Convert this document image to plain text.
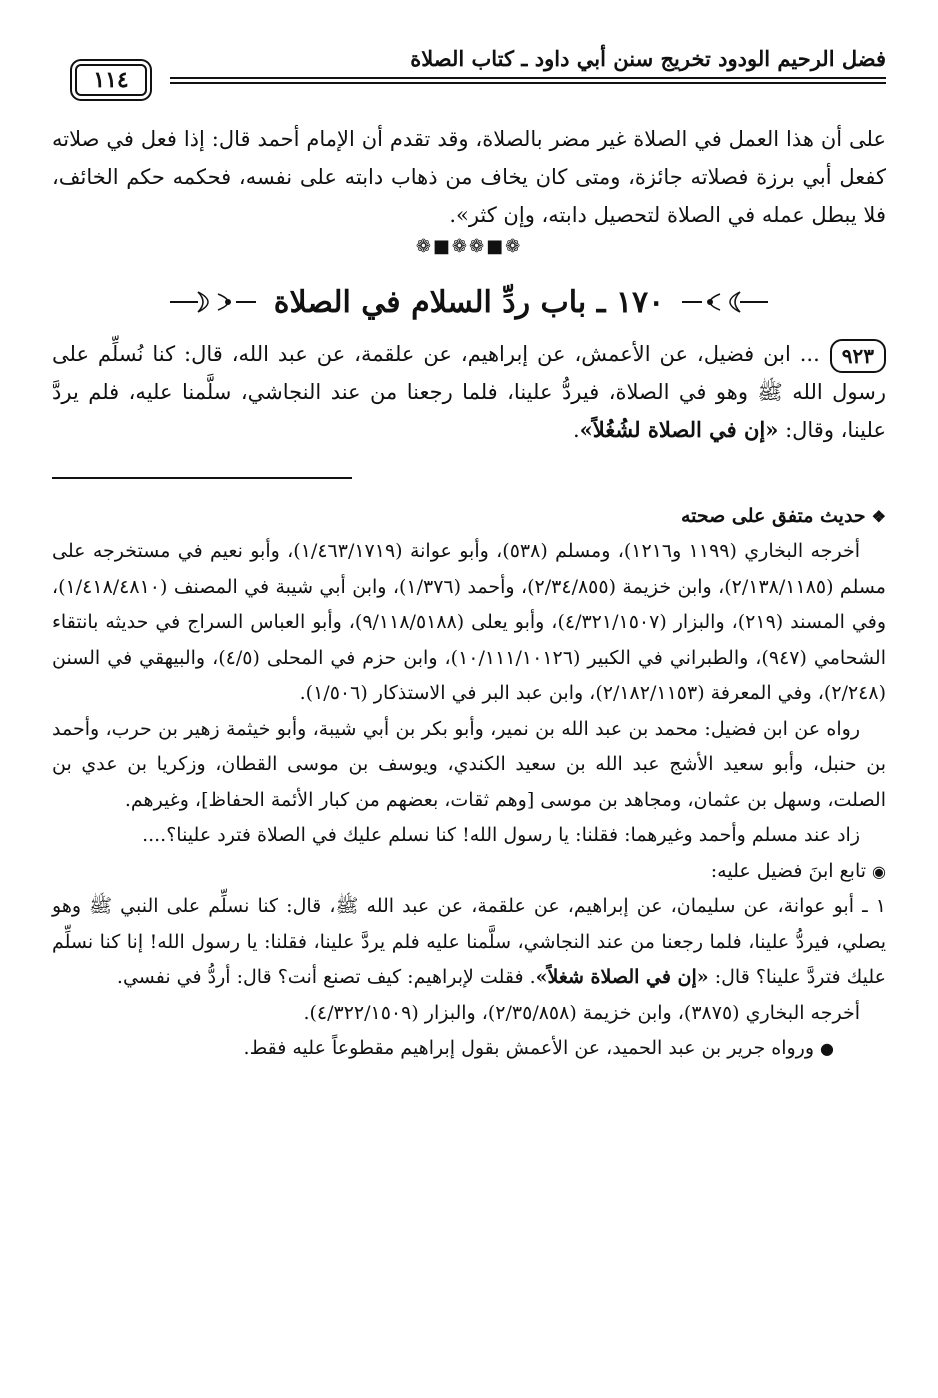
فضل الرحيم الودود تخريج سنن أبي داود ـ كتاب الصلاة
١١٤

على أن هذا العمل في الصلاة غير مضر بالصلاة، وقد تقدم أن الإمام أحمد قال: إذا فعل في صلاته كفعل أبي برزة فصلاته جائزة، ومتى كان يخاف من ذهاب دابته على نفسه، فحكمه حكم الخائف، فلا يبطل عمله في الصلاة لتحصيل دابته، وإن كثر».

❁■❁❁■❁
١٧٠ ـ باب ردِّ السلام في الصلاة

٩٢٣... ابن فضيل، عن الأعمش، عن إبراهيم، عن علقمة، عن عبد الله، قال: كنا نُسلِّم على رسول الله ﷺ وهو في الصلاة، فيردُّ علينا، فلما رجعنا من عند النجاشي، سلَّمنا عليه، فلم يردَّ علينا، وقال: «إن في الصلاة لشُغُلاً».

❖حديث متفق على صحته

أخرجه البخاري (١١٩٩ و١٢١٦)، ومسلم (٥٣٨)، وأبو عوانة (١/٤٦٣/١٧١٩)، وأبو نعيم في مستخرجه على مسلم (٢/١٣٨/١١٨٥)، وابن خزيمة (٢/٣٤/٨٥٥)، وأحمد (١/٣٧٦)، وابن أبي شيبة في المصنف (١/٤١٨/٤٨١٠)، وفي المسند (٢١٩)، والبزار (٤/٣٢١/١٥٠٧)، وأبو يعلى (٩/١١٨/٥١٨٨)، وأبو العباس السراج في حديثه بانتقاء الشحامي (٩٤٧)، والطبراني في الكبير (١٠/١١١/١٠١٢٦)، وابن حزم في المحلى (٤/٥)، والبيهقي في السنن (٢/٢٤٨)، وفي المعرفة (٢/١٨٢/١١٥٣)، وابن عبد البر في الاستذكار (١/٥٠٦).

رواه عن ابن فضيل: محمد بن عبد الله بن نمير، وأبو بكر بن أبي شيبة، وأبو خيثمة زهير بن حرب، وأحمد بن حنبل، وأبو سعيد الأشج عبد الله بن سعيد الكندي، ويوسف بن موسى القطان، وزكريا بن عدي بن الصلت، وسهل بن عثمان، ومجاهد بن موسى [وهم ثقات، بعضهم من كبار الأئمة الحفاظ]، وغيرهم.

زاد عند مسلم وأحمد وغيرهما: فقلنا: يا رسول الله! كنا نسلم عليك في الصلاة فترد علينا؟....

◉تابع ابنَ فضيل عليه:

١ ـ أبو عوانة، عن سليمان، عن إبراهيم، عن علقمة، عن عبد الله ﷺ، قال: كنا نسلِّم على النبي ﷺ وهو يصلي، فيردُّ علينا، فلما رجعنا من عند النجاشي، سلَّمنا عليه فلم يردَّ علينا، فقلنا: يا رسول الله! إنا كنا نسلِّم عليك فتردَّ علينا؟ قال: «إن في الصلاة شغلاً». فقلت لإبراهيم: كيف تصنع أنت؟ قال: أردُّ في نفسي.

أخرجه البخاري (٣٨٧٥)، وابن خزيمة (٢/٣٥/٨٥٨)، والبزار (٤/٣٢٢/١٥٠٩).

●ورواه جرير بن عبد الحميد، عن الأعمش بقول إبراهيم مقطوعاً عليه فقط.
